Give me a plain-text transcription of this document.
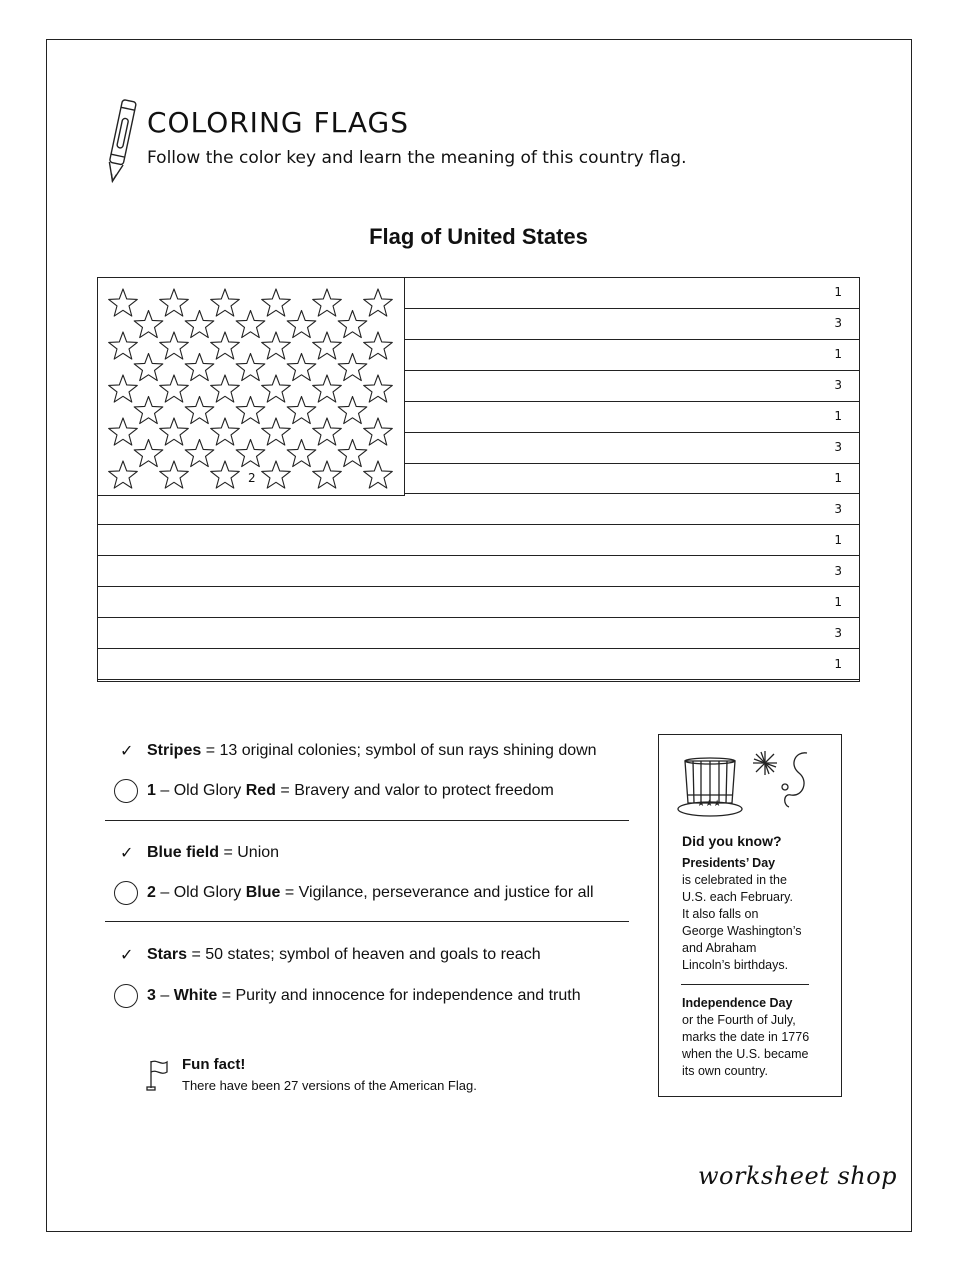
COLORING FLAGS
Follow the color key and learn the meaning of this country flag.
Flag of United States
1
3
1
3
1
3
1
3
1
3
1
3
1
2
✓ Stripes = 13 original colonies; symbol of sun rays shining down
1 – Old Glory Red = Bravery and valor to protect freedom
✓ Blue field = Union
2 – Old Glory Blue = Vigilance, perseverance and justice for all
✓ Stars = 50 states; symbol of heaven and goals to reach
3 – White = Purity and innocence for independence and truth
Fun fact!
There have been 27 versions of the American Flag.
★★★
Did you know?
Presidents’ Day
is celebrated in the
U.S. each February.
It also falls on
George Washington’s
and Abraham
Lincoln’s birthdays.
Independence Day
or the Fourth of July,
marks the date in 1776
when the U.S. became
its own country.
worksheet shop
